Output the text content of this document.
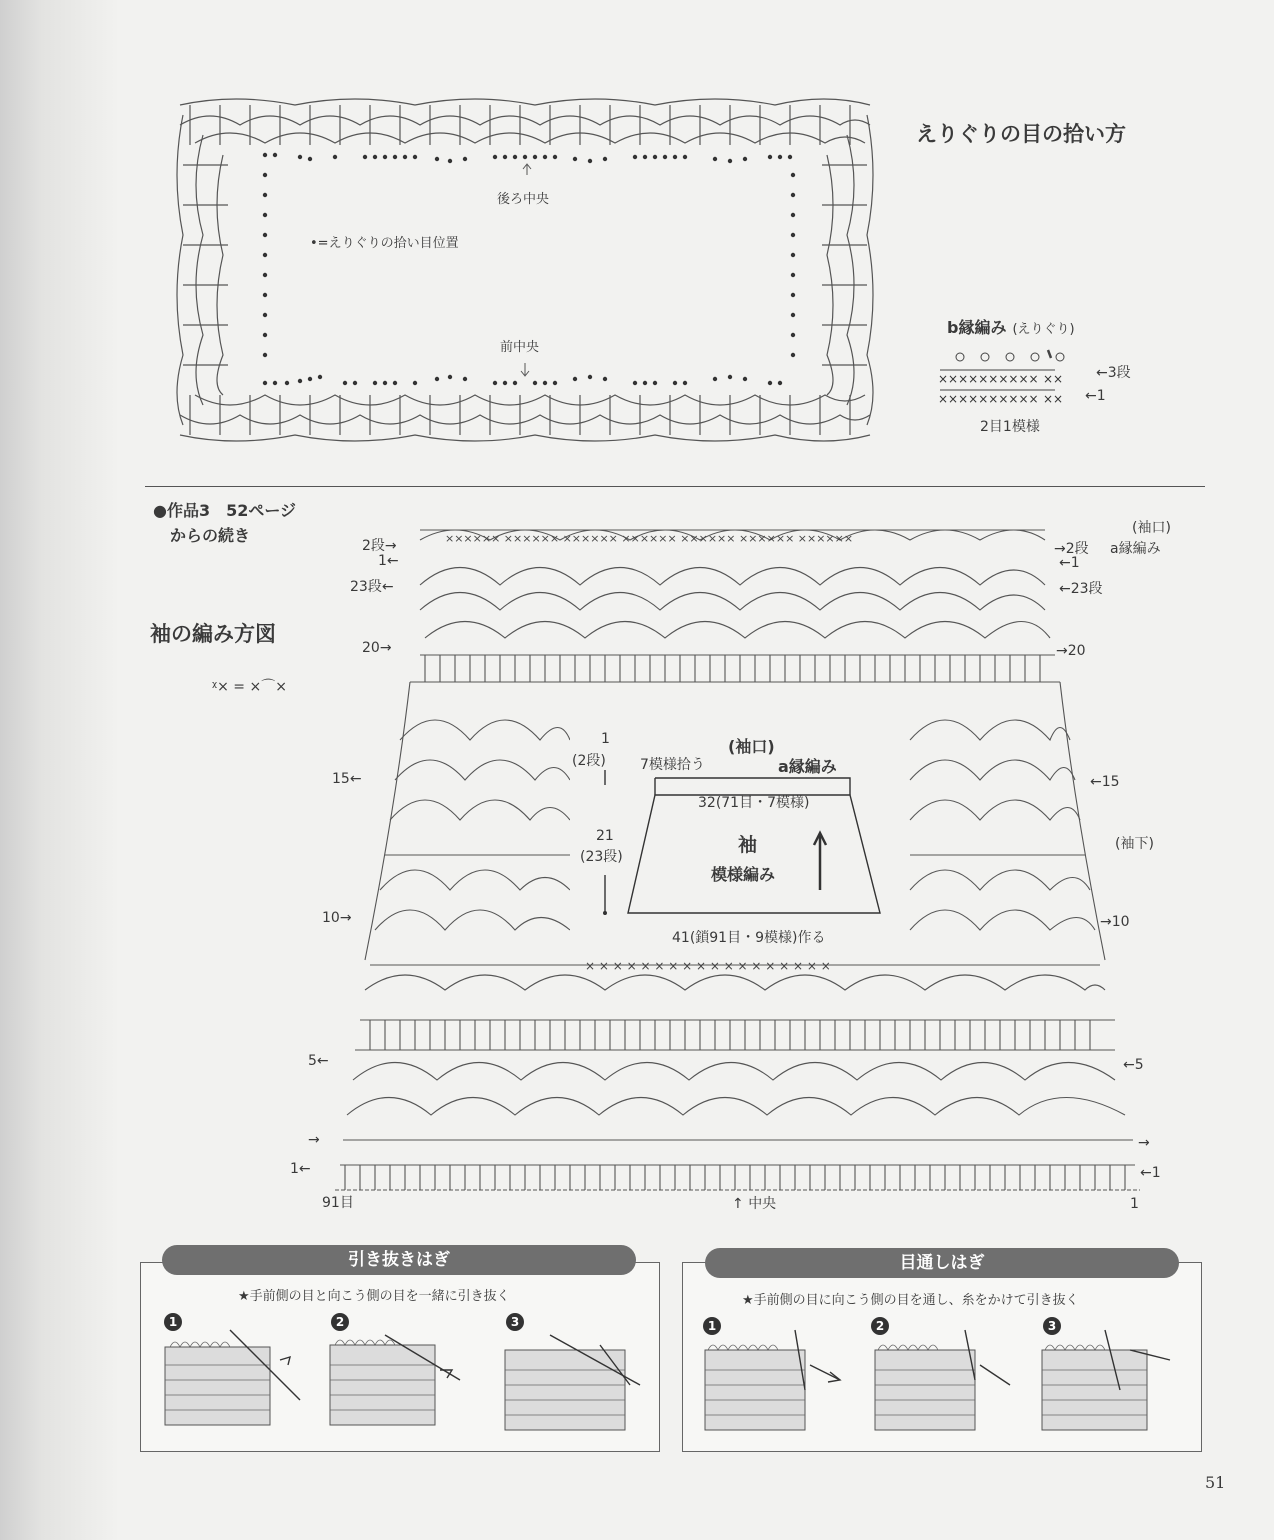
後ろ中央
前中央
•=えりぐりの拾い目位置
えりぐりの目の拾い方
b縁編み (えりぐり)
××××××××××
××××××××××
××
××
←3段
←1
2目1模様
●作品3　52ページ
からの続き
袖の編み方図
ᵡ× = ×⌒×
× × × × × × × × × × × × × × × × × ×
×××××× ×××××× ×××××× ×××××× ×××××× ×××××× ××××××
2段→
1←
23段←
20→
15←
10→
5←
→
1←
→2段
←1
←23段
→20
←15
→10
←5
→
←1
(袖口)
a縁編み
(袖下)
91目	↑ 中央	1
(袖口)
a縁編み
7模様拾う
32(71目・7模様)
袖
模様編み
21
(23段)
1
(2段)
41(鎖91目・9模様)作る
引き抜きはぎ
★手前側の目と向こう側の目を一緒に引き抜く
1	2	3
目通しはぎ
★手前側の目に向こう側の目を通し、糸をかけて引き抜く
1	2	3
51
